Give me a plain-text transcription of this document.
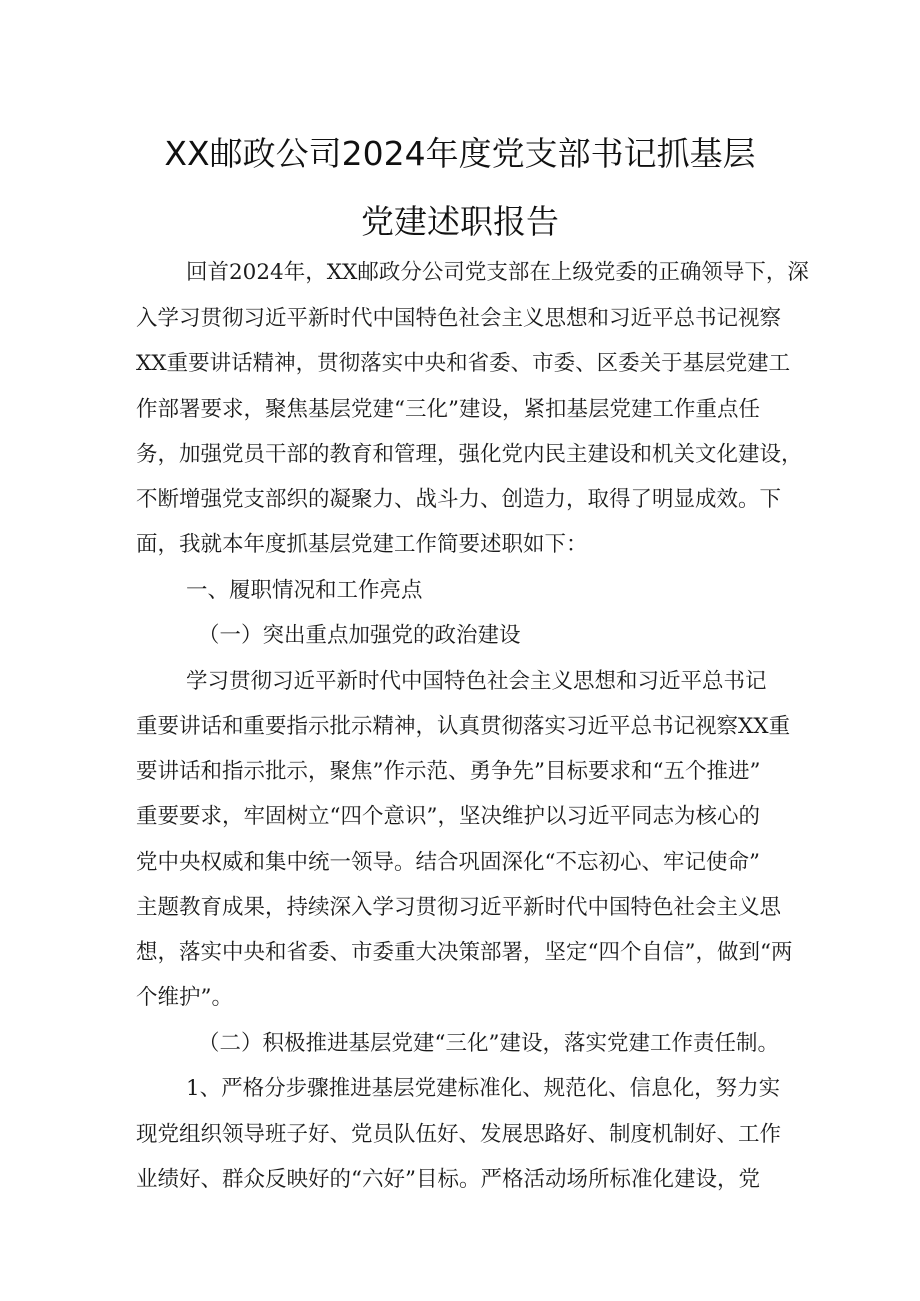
XX邮政公司2024年度党支部书记抓基层
党建述职报告
回首2024年，XX邮政分公司党支部在上级党委的正确领导下，深
入学习贯彻习近平新时代中国特色社会主义思想和习近平总书记视察
XX重要讲话精神，贯彻落实中央和省委、市委、区委关于基层党建工
作部署要求，聚焦基层党建“三化”建设，紧扣基层党建工作重点任
务，加强党员干部的教育和管理，强化党内民主建设和机关文化建设，
不断增强党支部织的凝聚力、战斗力、创造力，取得了明显成效。下
面，我就本年度抓基层党建工作简要述职如下：
一、履职情况和工作亮点
（一）突出重点加强党的政治建设
学习贯彻习近平新时代中国特色社会主义思想和习近平总书记
重要讲话和重要指示批示精神，认真贯彻落实习近平总书记视察XX重
要讲话和指示批示，聚焦”作示范、勇争先”目标要求和“五个推进”
重要要求，牢固树立“四个意识”，坚决维护以习近平同志为核心的
党中央权威和集中统一领导。结合巩固深化“不忘初心、牢记使命”
主题教育成果，持续深入学习贯彻习近平新时代中国特色社会主义思
想，落实中央和省委、市委重大决策部署，坚定“四个自信”，做到“两
个维护”。
（二）积极推进基层党建“三化”建设，落实党建工作责任制。
1、严格分步骤推进基层党建标准化、规范化、信息化，努力实
现党组织领导班子好、党员队伍好、发展思路好、制度机制好、工作
业绩好、群众反映好的“六好”目标。严格活动场所标准化建设，党
